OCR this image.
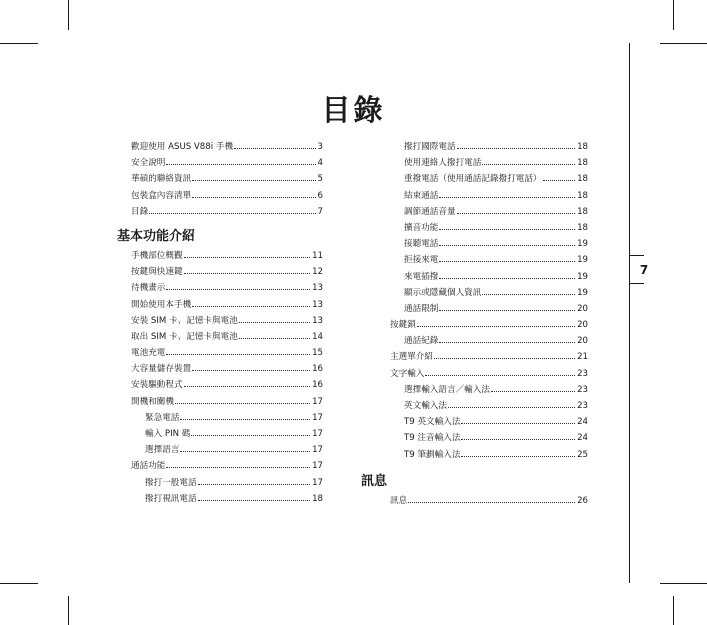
7
目錄
歡迎使用 ASUS V88i 手機	3
安全說明	4
華碩的聯絡資訊	5
包裝盒內容清單	6
目錄	7
基本功能介紹
手機部位概觀	11
按鍵與快速鍵	12
待機畫示	13
開始使用本手機	13
安裝 SIM 卡、記憶卡與電池	13
取出 SIM 卡、記憶卡與電池	14
電池充電	15
大容量儲存裝置	16
安裝驅動程式	16
開機和關機	17
緊急電話	17
輸入 PIN 碼	17
選擇語言	17
通話功能	17
撥打一般電話	17
撥打視訊電話	18
撥打國際電話	18
使用連絡人撥打電話	18
重撥電話（使用通話記錄撥打電話）	18
結束通話	18
調節通話音量	18
擴音功能	18
接聽電話	19
拒接來電	19
來電插撥	19
顯示或隱藏個人資訊	19
通話限制	20
按鍵鎖	20
通話紀錄	20
主選單介紹	21
文字輸入	23
選擇輸入語言／輸入法	23
英文輸入法	23
T9 英文輸入法	24
T9 注音輸入法	24
T9 筆劃輸入法	25
訊息
訊息	26
